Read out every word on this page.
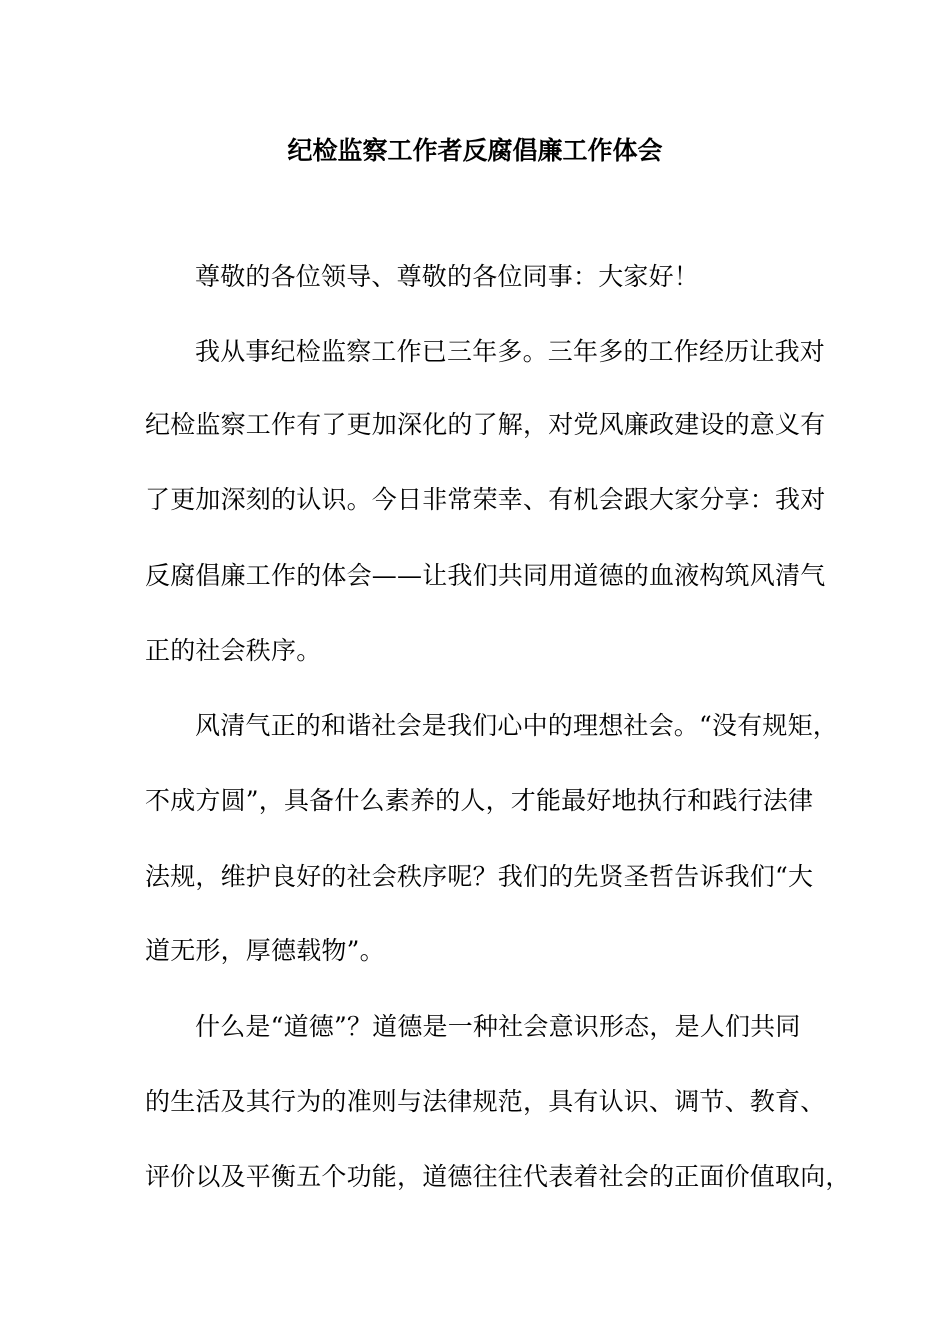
纪检监察工作者反腐倡廉工作体会
尊敬的各位领导、尊敬的各位同事：大家好！
我从事纪检监察工作已三年多。三年多的工作经历让我对
纪检监察工作有了更加深化的了解，对党风廉政建设的意义有
了更加深刻的认识。今日非常荣幸、有机会跟大家分享：我对
反腐倡廉工作的体会——让我们共同用道德的血液构筑风清气
正的社会秩序。
风清气正的和谐社会是我们心中的理想社会。“没有规矩，
不成方圆”，具备什么素养的人，才能最好地执行和践行法律
法规，维护良好的社会秩序呢？我们的先贤圣哲告诉我们“大
道无形，厚德载物”。
什么是“道德”？道德是一种社会意识形态，是人们共同
的生活及其行为的准则与法律规范，具有认识、调节、教育、
评价以及平衡五个功能，道德往往代表着社会的正面价值取向，
